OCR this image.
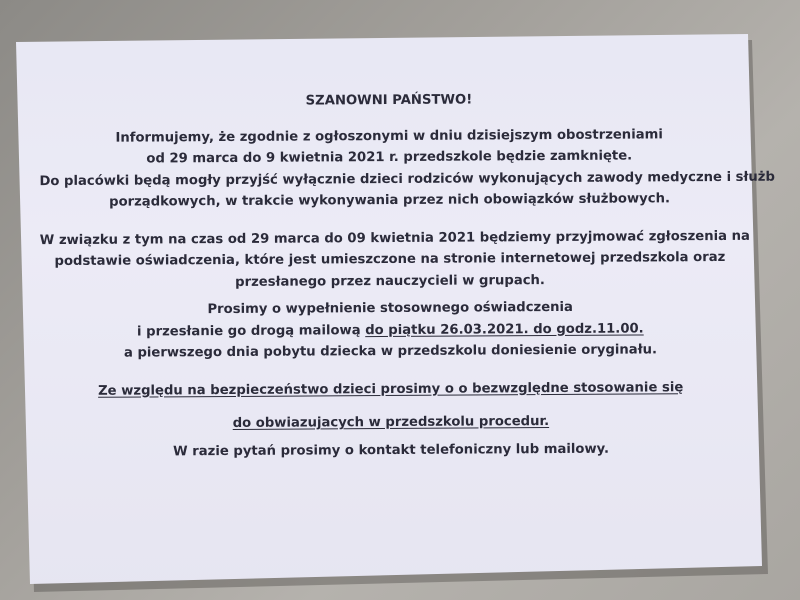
SZANOWNI PAŃSTWO!
Informujemy, że zgodnie z ogłoszonymi w dniu dzisiejszym obostrzeniami
od 29 marca do 9 kwietnia 2021 r. przedszkole będzie zamknięte.
Do placówki będą mogły przyjść wyłącznie dzieci rodziców wykonujących zawody medyczne i służb
porządkowych, w trakcie wykonywania przez nich obowiązków służbowych.
W związku z tym na czas od 29 marca do 09 kwietnia 2021 będziemy przyjmować zgłoszenia na
podstawie oświadczenia, które jest umieszczone na stronie internetowej przedszkola oraz
przesłanego przez nauczycieli w grupach.
Prosimy o wypełnienie stosownego oświadczenia
i przesłanie go drogą mailową do piątku 26.03.2021. do godz.11.00.
a pierwszego dnia pobytu dziecka w przedszkolu doniesienie oryginału.
Ze względu na bezpieczeństwo dzieci prosimy o o bezwzględne stosowanie się
do obwiazujacych w przedszkolu procedur.
W razie pytań prosimy o kontakt telefoniczny lub mailowy.
